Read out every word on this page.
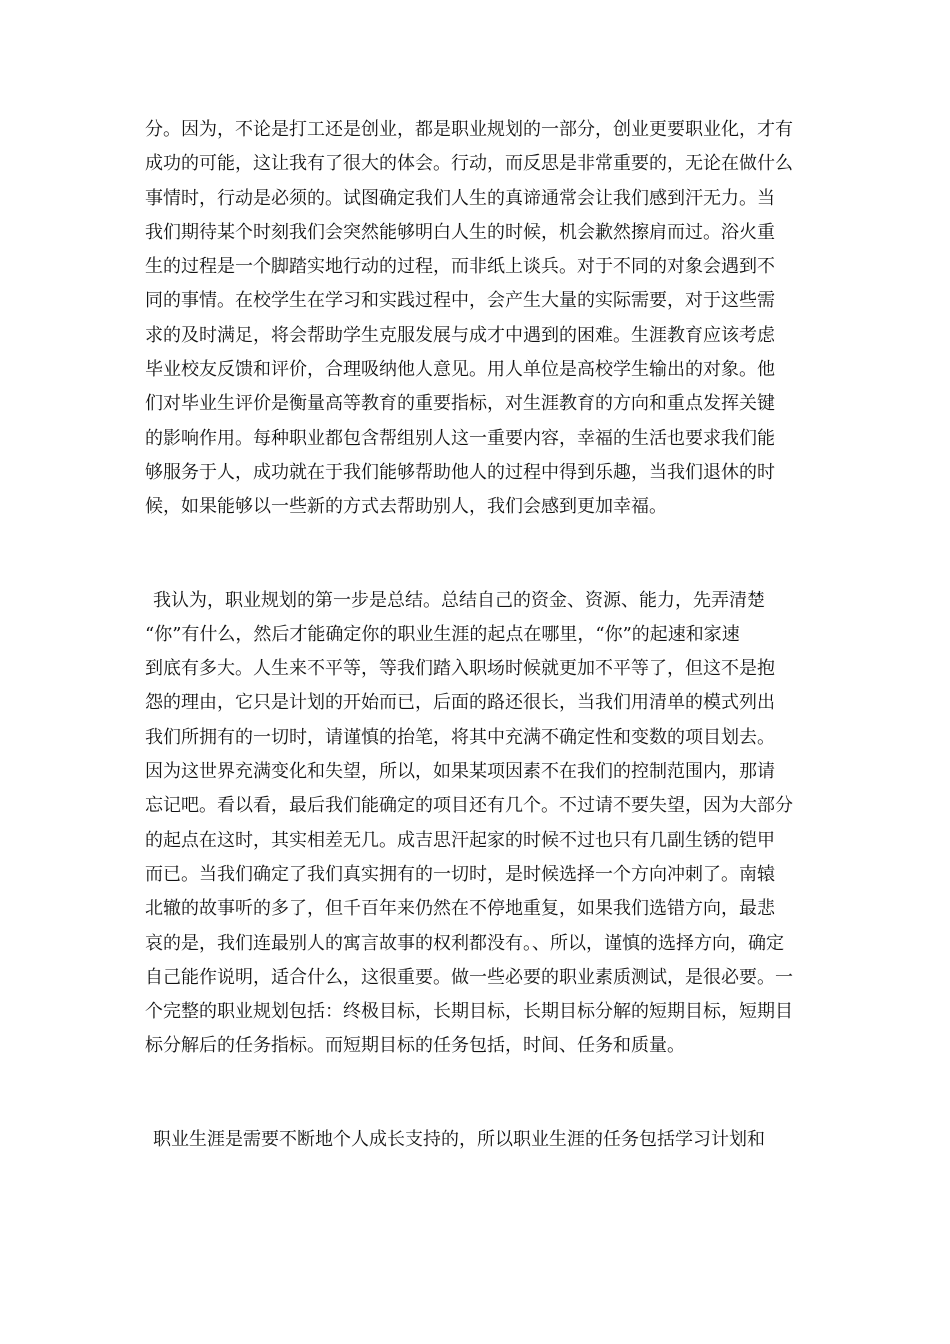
分。因为，不论是打工还是创业，都是职业规划的一部分，创业更要职业化，才有
成功的可能，这让我有了很大的体会。行动，而反思是非常重要的，无论在做什么
事情时，行动是必须的。试图确定我们人生的真谛通常会让我们感到汗无力。当
我们期待某个时刻我们会突然能够明白人生的时候，机会歉然擦肩而过。浴火重
生的过程是一个脚踏实地行动的过程，而非纸上谈兵。对于不同的对象会遇到不
同的事情。在校学生在学习和实践过程中，会产生大量的实际需要，对于这些需
求的及时满足，将会帮助学生克服发展与成才中遇到的困难。生涯教育应该考虑
毕业校友反馈和评价，合理吸纳他人意见。用人单位是高校学生输出的对象。他
们对毕业生评价是衡量高等教育的重要指标，对生涯教育的方向和重点发挥关键
的影响作用。每种职业都包含帮组别人这一重要内容，幸福的生活也要求我们能
够服务于人，成功就在于我们能够帮助他人的过程中得到乐趣，当我们退休的时
候，如果能够以一些新的方式去帮助别人，我们会感到更加幸福。
我认为，职业规划的第一步是总结。总结自己的资金、资源、能力，先弄清楚
“你”有什么，然后才能确定你的职业生涯的起点在哪里，“你”的起速和家速
到底有多大。人生来不平等，等我们踏入职场时候就更加不平等了，但这不是抱
怨的理由，它只是计划的开始而已，后面的路还很长，当我们用清单的模式列出
我们所拥有的一切时，请谨慎的抬笔，将其中充满不确定性和变数的项目划去。
因为这世界充满变化和失望，所以，如果某项因素不在我们的控制范围内，那请
忘记吧。看以看，最后我们能确定的项目还有几个。不过请不要失望，因为大部分
的起点在这时，其实相差无几。成吉思汗起家的时候不过也只有几副生锈的铠甲
而已。当我们确定了我们真实拥有的一切时，是时候选择一个方向冲刺了。南辕
北辙的故事听的多了，但千百年来仍然在不停地重复，如果我们选错方向，最悲
哀的是，我们连最别人的寓言故事的权利都没有。、所以，谨慎的选择方向，确定
自己能作说明，适合什么，这很重要。做一些必要的职业素质测试，是很必要。一
个完整的职业规划包括：终极目标，长期目标，长期目标分解的短期目标，短期目
标分解后的任务指标。而短期目标的任务包括，时间、任务和质量。
职业生涯是需要不断地个人成长支持的，所以职业生涯的任务包括学习计划和
